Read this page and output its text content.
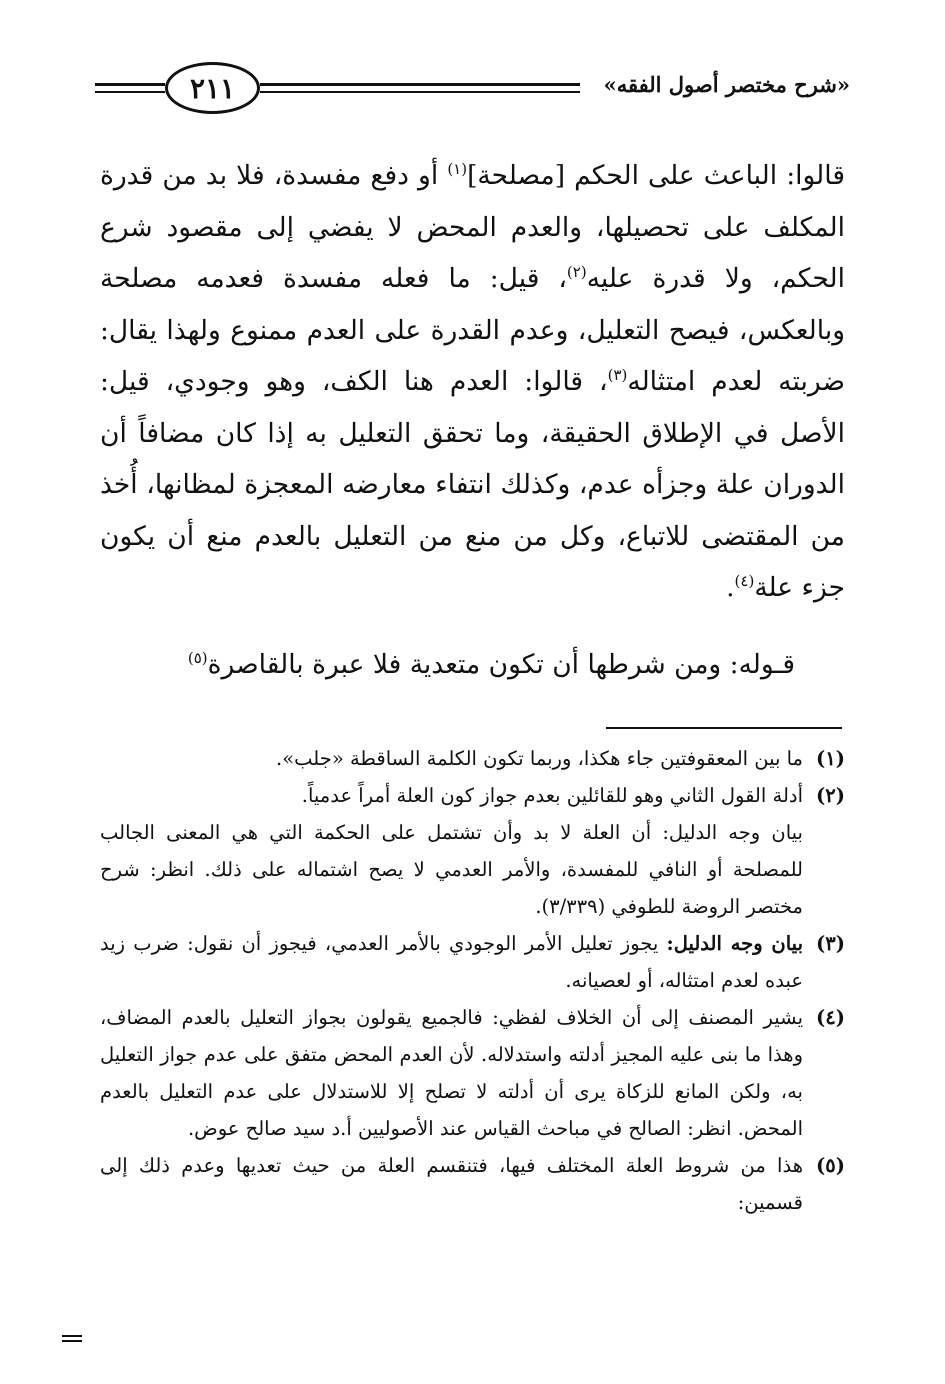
٢١١	«شرح مختصر أصول الفقه»

قالوا: الباعث على الحكم [مصلحة]$^{(١)}$ أو دفع مفسدة، فلا بد من قدرة المكلف على تحصيلها، والعدم المحض لا يفضي إلى مقصود شرع الحكم، ولا قدرة عليه$^{(٢)}$، قيل: ما فعله مفسدة فعدمه مصلحة وبالعكس، فيصح التعليل، وعدم القدرة على العدم ممنوع ولهذا يقال: ضربته لعدم امتثاله$^{(٣)}$، قالوا: العدم هنا الكف، وهو وجودي، قيل: الأصل في الإطلاق الحقيقة، وما تحقق التعليل به إذا كان مضافاً أن الدوران علة وجزأه عدم، وكذلك انتفاء معارضه المعجزة لمظانها، أُخذ من المقتضى للاتباع، وكل من منع من التعليل بالعدم منع أن يكون جزء علة$^{(٤)}$.

قـوله: ومن شرطها أن تكون متعدية فلا عبرة بالقاصرة$^{(٥)}$
(١)
ما بين المعقوفتين جاء هكذا، وربما تكون الكلمة الساقطة «جلب».
(٢)
أدلة القول الثاني وهو للقائلين بعدم جواز كون العلة أمراً عدمياً.
بيان وجه الدليل: أن العلة لا بد وأن تشتمل على الحكمة التي هي المعنى الجالب للمصلحة أو النافي للمفسدة، والأمر العدمي لا يصح اشتماله على ذلك. انظر: شرح مختصر الروضة للطوفي (٣/٣٣٩).
(٣)
بيان وجه الدليل: يجوز تعليل الأمر الوجودي بالأمر العدمي، فيجوز أن نقول: ضرب زيد عبده لعدم امتثاله، أو لعصيانه.
(٤)
يشير المصنف إلى أن الخلاف لفظي: فالجميع يقولون بجواز التعليل بالعدم المضاف، وهذا ما بنى عليه المجيز أدلته واستدلاله. لأن العدم المحض متفق على عدم جواز التعليل به، ولكن المانع للزكاة يرى أن أدلته لا تصلح إلا للاستدلال على عدم التعليل بالعدم المحض. انظر: الصالح في مباحث القياس عند الأصوليين أ.د سيد صالح عوض.
(٥)
هذا من شروط العلة المختلف فيها، فتنقسم العلة من حيث تعديها وعدم ذلك إلى قسمين:
